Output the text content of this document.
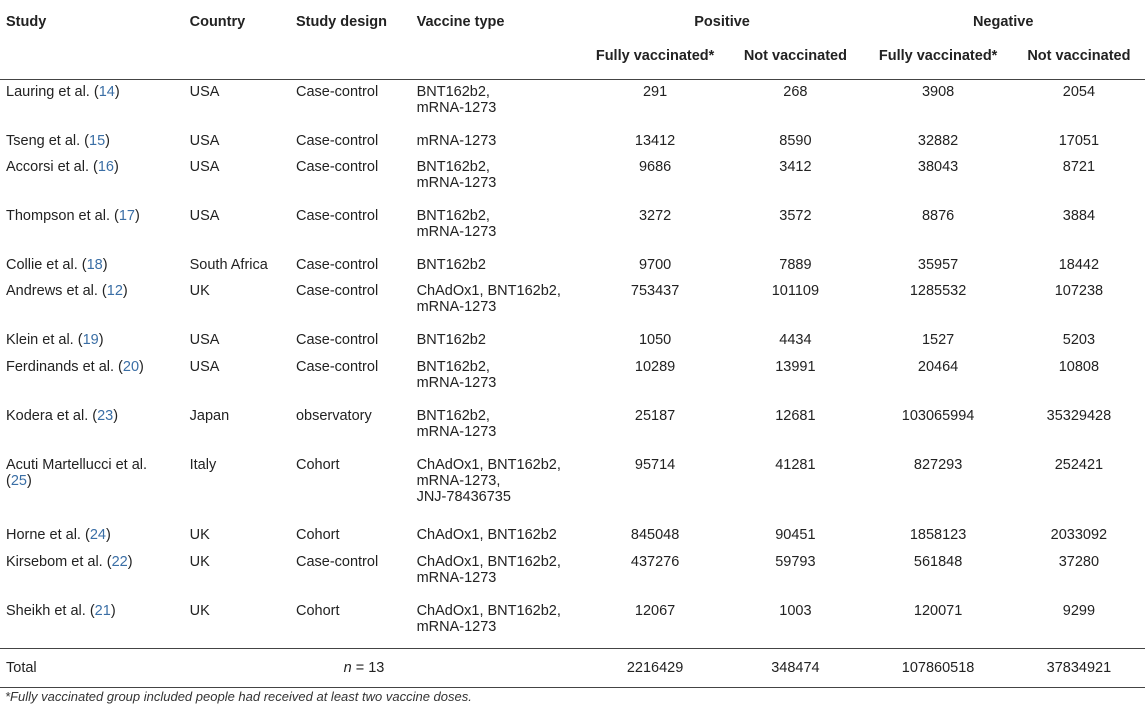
Study	Country	Study design	Vaccine type	Positive		Negative	
				Fully vaccinated*	Not vaccinated	Fully vaccinated*	Not vaccinated
Lauring et al. (14)	USA	Case-control	BNT162b2,
mRNA-1273	291	268	3908	2054
Tseng et al. (15)	USA	Case-control	mRNA-1273	13412	8590	32882	17051
Accorsi et al. (16)	USA	Case-control	BNT162b2,
mRNA-1273	9686	3412	38043	8721
Thompson et al. (17)	USA	Case-control	BNT162b2,
mRNA-1273	3272	3572	8876	3884
Collie et al. (18)	South Africa	Case-control	BNT162b2	9700	7889	35957	18442
Andrews et al. (12)	UK	Case-control	ChAdOx1, BNT162b2,
mRNA-1273	753437	101109	1285532	107238
Klein et al. (19)	USA	Case-control	BNT162b2	1050	4434	1527	5203
Ferdinands et al. (20)	USA	Case-control	BNT162b2,
mRNA-1273	10289	13991	20464	10808
Kodera et al. (23)	Japan	observatory	BNT162b2,
mRNA-1273	25187	12681	103065994	35329428
Acuti Martellucci et al.
(25)	Italy	Cohort	ChAdOx1, BNT162b2,
mRNA-1273,
JNJ-78436735	95714	41281	827293	252421
Horne et al. (24)	UK	Cohort	ChAdOx1, BNT162b2	845048	90451	1858123	2033092
Kirsebom et al. (22)	UK	Case-control	ChAdOx1, BNT162b2,
mRNA-1273	437276	59793	561848	37280
Sheikh et al. (21)	UK	Cohort	ChAdOx1, BNT162b2,
mRNA-1273	12067	1003	120071	9299
Total	n = 13			2216429	348474	107860518	37834921
*Fully vaccinated group included people had received at least two vaccine doses.
